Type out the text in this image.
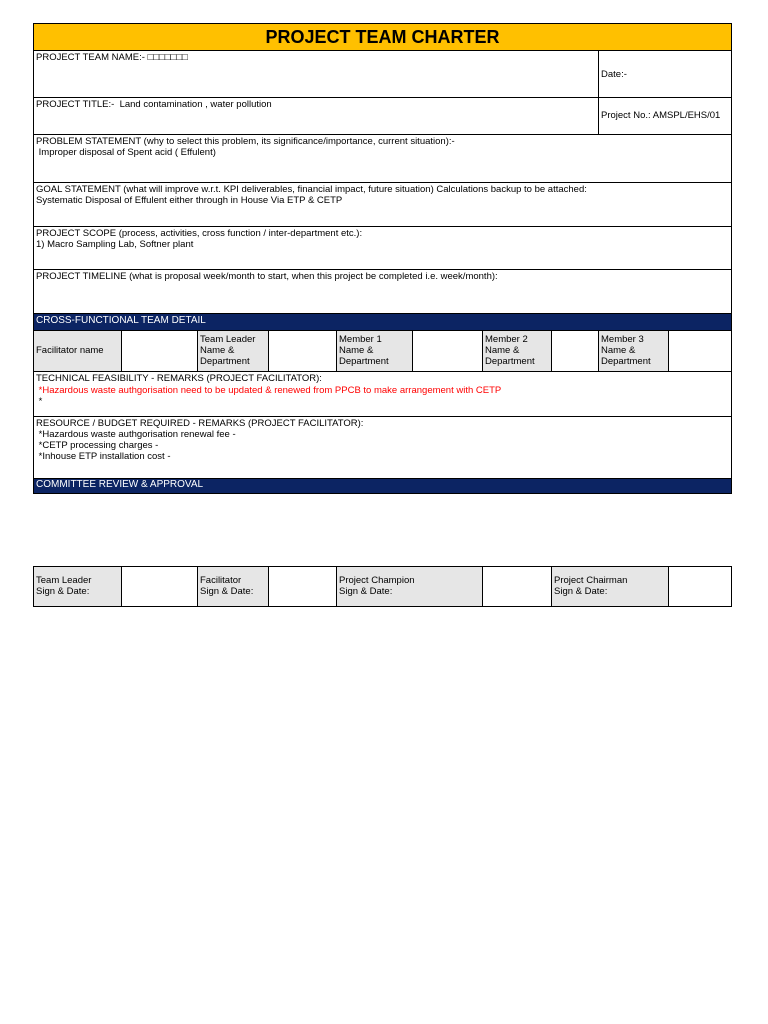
PROJECT TEAM CHARTER
PROJECT TEAM NAME:- □□□□□□□
Date:-
PROJECT TITLE:-  Land contamination , water pollution
Project No.: AMSPL/EHS/01
PROBLEM STATEMENT (why to select this problem, its significance/importance, current situation):-
Improper disposal of Spent acid ( Effulent)
GOAL STATEMENT (what will improve w.r.t. KPI deliverables, financial impact, future situation) Calculations backup to be attached:
Systematic Disposal of Effulent either through in House Via ETP & CETP
PROJECT SCOPE (process, activities, cross function / inter-department etc.):
1) Macro Sampling Lab, Softner plant
PROJECT TIMELINE (what is proposal week/month to start, when this project be completed i.e. week/month):
CROSS-FUNCTIONAL TEAM DETAIL
Facilitator name
Team Leader
Name &
Department
Member 1
Name &
Department
Member 2
Name &
Department
Member 3
Name &
Department
TECHNICAL FEASIBILITY - REMARKS (PROJECT FACILITATOR):
*Hazardous waste authgorisation need to be updated & renewed from PPCB to make arrangement with CETP
*
RESOURCE / BUDGET REQUIRED - REMARKS (PROJECT FACILITATOR):
*Hazardous waste authgorisation renewal fee -
*CETP processing charges -
*Inhouse ETP installation cost -
COMMITTEE REVIEW & APPROVAL
Team Leader
Sign & Date:
Facilitator
Sign & Date:
Project Champion
Sign & Date:
Project Chairman
Sign & Date:
